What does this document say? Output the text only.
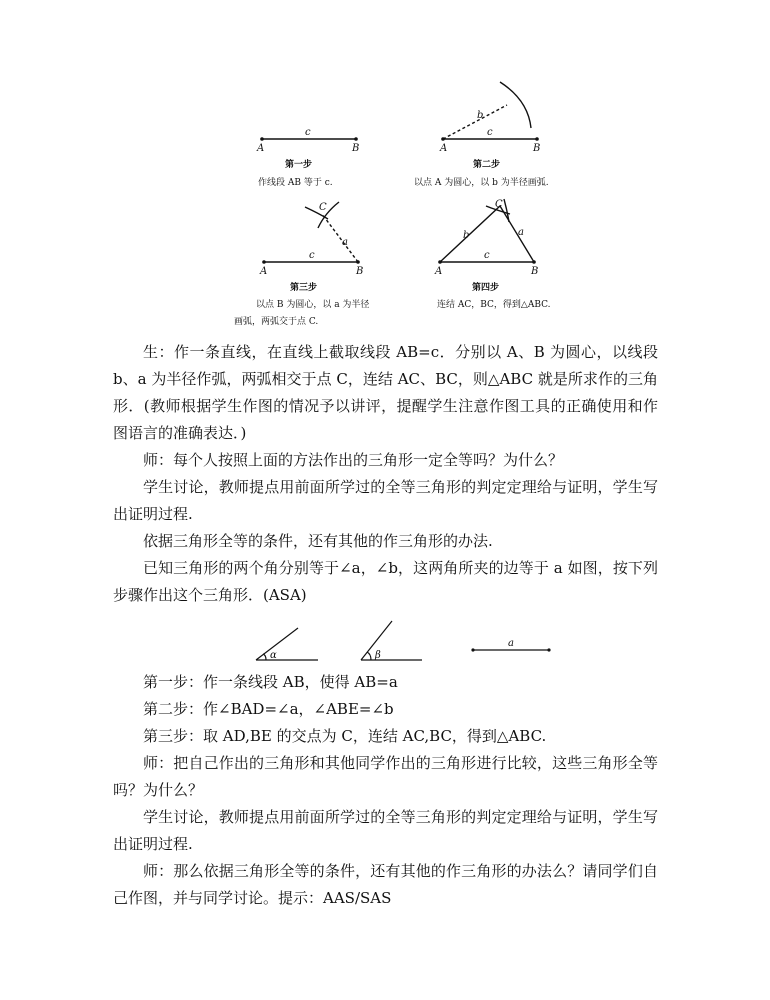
A
c
B	A
c
B
b
A
c
B
C
a
A
c
B
C
b	a
第一步
作线段 AB 等于 c.
第二步
以点 A 为圆心，以 b 为半径画弧.
第三步
以点 B 为圆心，以 a 为半径
画弧，两弧交于点 C.
第四步
连结 AC，BC，得到△ABC.

生：作一条直线，在直线上截取线段 AB=c．分别以 A、B 为圆心，以线段 b、a 为半径作弧，两弧相交于点 C，连结 AC、BC，则△ABC 就是所求作的三角形．(教师根据学生作图的情况予以讲评，提醒学生注意作图工具的正确使用和作图语言的准确表达．)

师：每个人按照上面的方法作出的三角形一定全等吗？为什么？

学生讨论，教师提点用前面所学过的全等三角形的判定定理给与证明，学生写出证明过程.

依据三角形全等的条件，还有其他的作三角形的办法.

已知三角形的两个角分别等于∠a，∠b，这两角所夹的边等于 a 如图，按下列步骤作出这个三角形．(ASA)

α	β
a

第一步：作一条线段 AB，使得 AB=a

第二步：作∠BAD=∠a，∠ABE=∠b

第三步：取 AD,BE 的交点为 C，连结 AC,BC，得到△ABC.

师：把自己作出的三角形和其他同学作出的三角形进行比较，这些三角形全等吗？为什么？

学生讨论，教师提点用前面所学过的全等三角形的判定定理给与证明，学生写出证明过程.

师：那么依据三角形全等的条件，还有其他的作三角形的办法么？请同学们自己作图，并与同学讨论。提示：AAS/SAS
